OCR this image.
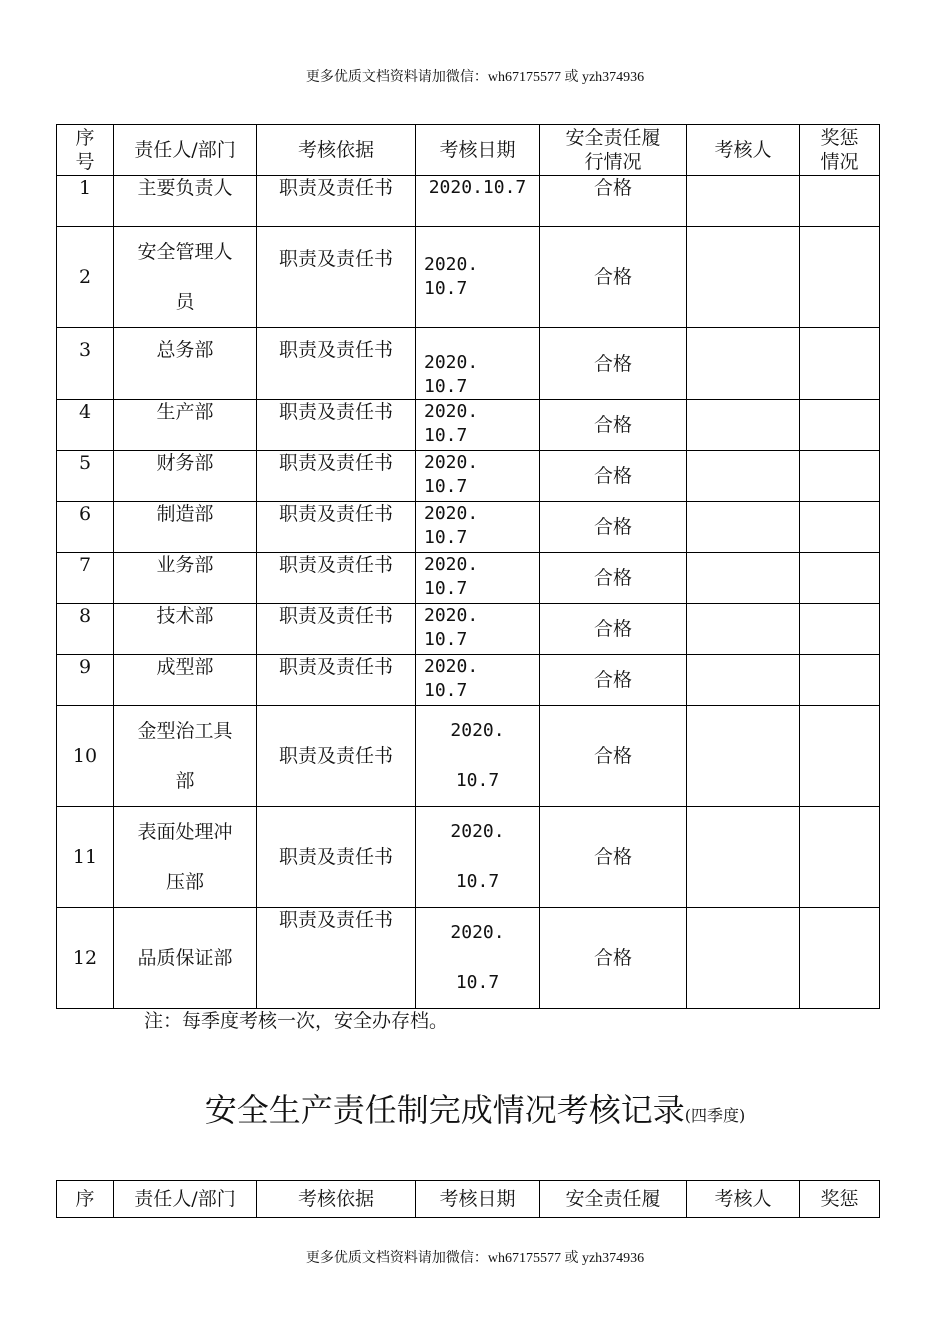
更多优质文档资料请加微信：wh67175577 或 yzh374936
序
号	责任人/部门	考核依据	考核日期	安全责任履
行情况	考核人	奖惩
情况
1	主要负责人	职责及责任书	2020.10.7	合格		
2	安全管理人
员	职责及责任书	2020.
10.7	合格		
3	总务部	职责及责任书	2020.
10.7	合格		
4	生产部	职责及责任书	2020.
10.7	合格		
5	财务部	职责及责任书	2020.
10.7	合格		
6	制造部	职责及责任书	2020.
10.7	合格		
7	业务部	职责及责任书	2020.
10.7	合格		
8	技术部	职责及责任书	2020.
10.7	合格		
9	成型部	职责及责任书	2020.
10.7	合格		
10	金型治工具
部	职责及责任书	2020.
10.7	合格		
11	表面处理冲
压部	职责及责任书	2020.
10.7	合格		
12	品质保证部	职责及责任书	2020.
10.7	合格		
注：每季度考核一次，安全办存档。
安全生产责任制完成情况考核记录(四季度)
序	责任人/部门	考核依据	考核日期	安全责任履	考核人	奖惩
更多优质文档资料请加微信：wh67175577 或 yzh374936
